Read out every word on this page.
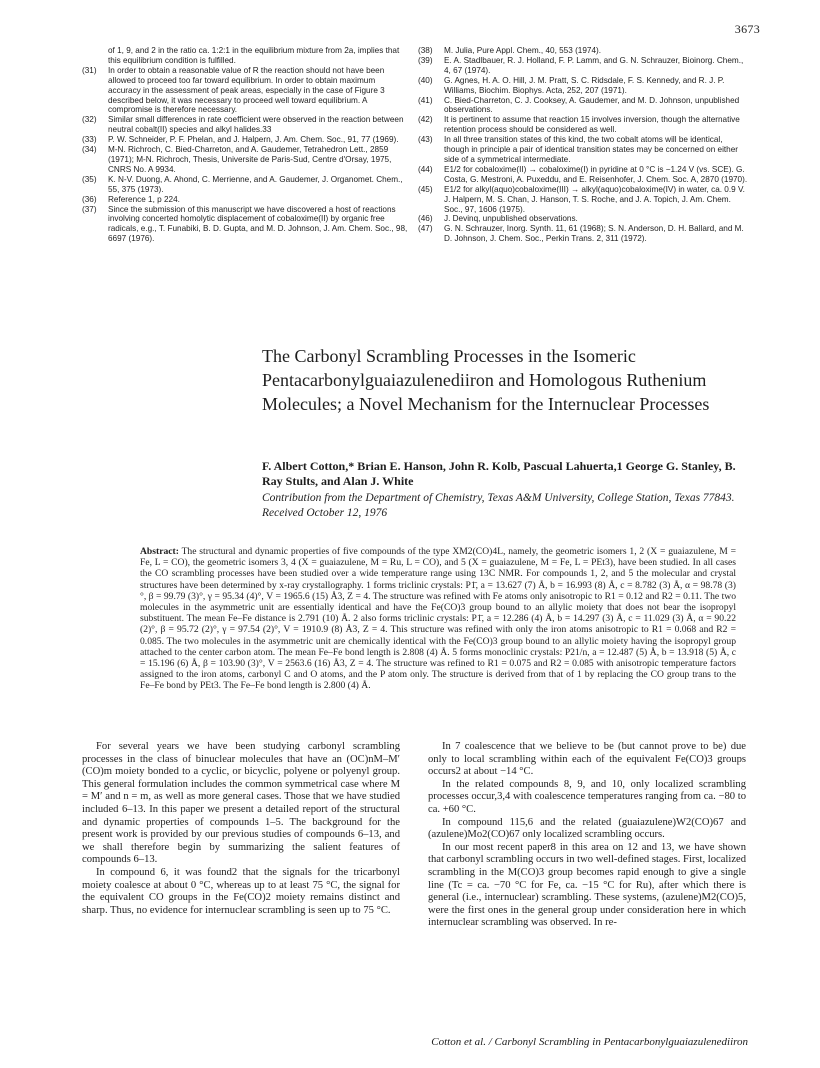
3673
of 1, 9, and 2 in the ratio ca. 1:2:1 in the equilibrium mixture from 2a, implies that this equilibrium condition is fulfilled.
(31)	In order to obtain a reasonable value of R the reaction should not have been allowed to proceed too far toward equilibrium. In order to obtain maximum accuracy in the assessment of peak areas, especially in the case of Figure 3 described below, it was necessary to proceed well toward equilibrium. A compromise is therefore necessary.
(32)	Similar small differences in rate coefficient were observed in the reaction between neutral cobalt(II) species and alkyl halides.33
(33)	P. W. Schneider, P. F. Phelan, and J. Halpern, J. Am. Chem. Soc., 91, 77 (1969).
(34)	M-N. Richroch, C. Bied-Charreton, and A. Gaudemer, Tetrahedron Lett., 2859 (1971); M-N. Richroch, Thesis, Universite de Paris-Sud, Centre d'Orsay, 1975, CNRS No. A 9934.
(35)	K. N-V. Duong, A. Ahond, C. Merrienne, and A. Gaudemer, J. Organomet. Chem., 55, 375 (1973).
(36)	Reference 1, p 224.
(37)	Since the submission of this manuscript we have discovered a host of reactions involving concerted homolytic displacement of cobaloxime(II) by organic free radicals, e.g., T. Funabiki, B. D. Gupta, and M. D. Johnson, J. Am. Chem. Soc., 98, 6697 (1976).
(38)	M. Julia, Pure Appl. Chem., 40, 553 (1974).
(39)	E. A. Stadlbauer, R. J. Holland, F. P. Lamm, and G. N. Schrauzer, Bioinorg. Chem., 4, 67 (1974).
(40)	G. Agnes, H. A. O. Hill, J. M. Pratt, S. C. Ridsdale, F. S. Kennedy, and R. J. P. Williams, Biochim. Biophys. Acta, 252, 207 (1971).
(41)	C. Bied-Charreton, C. J. Cooksey, A. Gaudemer, and M. D. Johnson, unpublished observations.
(42)	It is pertinent to assume that reaction 15 involves inversion, though the alternative retention process should be considered as well.
(43)	In all three transition states of this kind, the two cobalt atoms will be identical, though in principle a pair of identical transition states may be concerned on either side of a symmetrical intermediate.
(44)	E1/2 for cobaloxime(II) → cobaloxime(I) in pyridine at 0 °C is −1.24 V (vs. SCE). G. Costa, G. Mestroni, A. Puxeddu, and E. Reisenhofer, J. Chem. Soc. A, 2870 (1970).
(45)	E1/2 for alkyl(aquo)cobaloxime(III) → alkyl(aquo)cobaloxime(IV) in water, ca. 0.9 V. J. Halpern, M. S. Chan, J. Hanson, T. S. Roche, and J. A. Topich, J. Am. Chem. Soc., 97, 1606 (1975).
(46)	J. Devinq, unpublished observations.
(47)	G. N. Schrauzer, Inorg. Synth. 11, 61 (1968); S. N. Anderson, D. H. Ballard, and M. D. Johnson, J. Chem. Soc., Perkin Trans. 2, 311 (1972).
The Carbonyl Scrambling Processes in the Isomeric Pentacarbonylguaiazulenediiron and Homologous Ruthenium Molecules; a Novel Mechanism for the Internuclear Processes
F. Albert Cotton,* Brian E. Hanson, John R. Kolb, Pascual Lahuerta,1 George G. Stanley, B. Ray Stults, and Alan J. White
Contribution from the Department of Chemistry, Texas A&M University, College Station, Texas 77843. Received October 12, 1976
Abstract: The structural and dynamic properties of five compounds of the type XM2(CO)4L, namely, the geometric isomers 1, 2 (X = guaiazulene, M = Fe, L = CO), the geometric isomers 3, 4 (X = guaiazulene, M = Ru, L = CO), and 5 (X = guaiazulene, M = Fe, L = PEt3), have been studied. In all cases the CO scrambling processes have been studied over a wide temperature range using 13C NMR. For compounds 1, 2, and 5 the molecular and crystal structures have been determined by x-ray crystallography. 1 forms triclinic crystals: P1̄, a = 13.627 (7) Å, b = 16.993 (8) Å, c = 8.782 (3) Å, α = 98.78 (3)°, β = 99.79 (3)°, γ = 95.34 (4)°, V = 1965.6 (15) Å3, Z = 4. The structure was refined with Fe atoms only anisotropic to R1 = 0.12 and R2 = 0.11. The two molecules in the asymmetric unit are essentially identical and have the Fe(CO)3 group bound to an allylic moiety that does not bear the isopropyl substituent. The mean Fe–Fe distance is 2.791 (10) Å. 2 also forms triclinic crystals: P1̄, a = 12.286 (4) Å, b = 14.297 (3) Å, c = 11.029 (3) Å, α = 90.22 (2)°, β = 95.72 (2)°, γ = 97.54 (2)°, V = 1910.9 (8) Å3, Z = 4. This structure was refined with only the iron atoms anisotropic to R1 = 0.068 and R2 = 0.085. The two molecules in the asymmetric unit are chemically identical with the Fe(CO)3 group bound to an allylic moiety having the isopropyl group attached to the center carbon atom. The mean Fe–Fe bond length is 2.808 (4) Å. 5 forms monoclinic crystals: P21/n, a = 12.487 (5) Å, b = 13.918 (5) Å, c = 15.196 (6) Å, β = 103.90 (3)°, V = 2563.6 (16) Å3, Z = 4. The structure was refined to R1 = 0.075 and R2 = 0.085 with anisotropic temperature factors assigned to the iron atoms, carbonyl C and O atoms, and the P atom only. The structure is derived from that of 1 by replacing the CO group trans to the Fe–Fe bond by PEt3. The Fe–Fe bond length is 2.800 (4) Å.

For several years we have been studying carbonyl scrambling processes in the class of binuclear molecules that have an (OC)nM–M′(CO)m moiety bonded to a cyclic, or bicyclic, polyene or polyenyl group. This general formulation includes the common symmetrical case where M = M′ and n = m, as well as more general cases. Those that we have studied included 6–13. In this paper we present a detailed report of the structural and dynamic properties of compounds 1–5. The background for the present work is provided by our previous studies of compounds 6–13, and we shall therefore begin by summarizing the salient features of compounds 6–13.

In compound 6, it was found2 that the signals for the tricarbonyl moiety coalesce at about 0 °C, whereas up to at least 75 °C, the signal for the equivalent CO groups in the Fe(CO)2 moiety remains distinct and sharp. Thus, no evidence for internuclear scrambling is seen up to 75 °C.

In 7 coalescence that we believe to be (but cannot prove to be) due only to local scrambling within each of the equivalent Fe(CO)3 groups occurs2 at about −14 °C.

In the related compounds 8, 9, and 10, only localized scrambling processes occur,3,4 with coalescence temperatures ranging from ca. −80 to ca. +60 °C.

In compound 115,6 and the related (guaiazulene)W2(CO)67 and (azulene)Mo2(CO)67 only localized scrambling occurs.

In our most recent paper8 in this area on 12 and 13, we have shown that carbonyl scrambling occurs in two well-defined stages. First, localized scrambling in the M(CO)3 group becomes rapid enough to give a single line (Tc = ca. −70 °C for Fe, ca. −15 °C for Ru), after which there is general (i.e., internuclear) scrambling. These systems, (azulene)M2(CO)5, were the first ones in the general group under consideration here in which internuclear scrambling was observed. In re-

Cotton et al. / Carbonyl Scrambling in Pentacarbonylguaiazulenediiron
